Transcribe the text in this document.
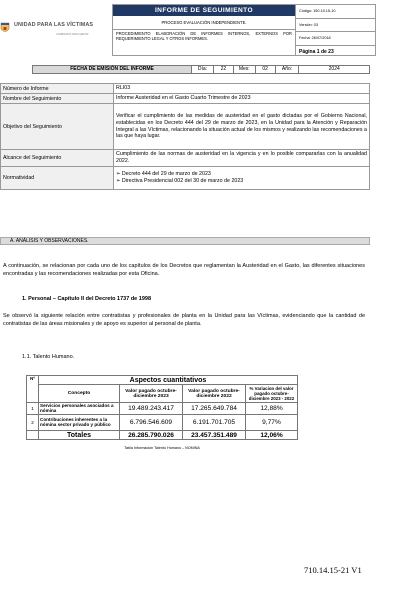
UNIDAD PARA LAS VÍCTIMAS
CAMBIAMOS PARA SERVIR
INFORME DE SEGUIMIENTO
PROCESO EVALUACIÓN INDEPENDIENTE.
PROCEDIMIENTO ELABORACIÓN DE INFORMES INTERNOS, EXTERNOS POR REQUERIMIENTO LEGAL Y OTROS INFORMES.
Código: 150.19.15-10
Versión: 03
Fecha: 26/07/2018
Página 1 de 23
FECHA DE EMISIÓN DEL INFORME	Día:	22	Mes:	02	Año:	2024
Número de Informe	RLI03
Nombre del Seguimiento	Informe Austeridad en el Gasto Cuarto Trimestre de 2023
Objetivo del Seguimiento	Verificar el cumplimiento de las medidas de austeridad en el gasto dictadas por el Gobierno Nacional, establecidas en los Decreto 444 del 29 de marzo de 2023, en la Unidad para la Atención y Reparación Integral a las Víctimas, relacionando la situación actual de los mismos y realizando las recomendaciones a las que haya lugar.
Alcance del Seguimiento	Cumplimiento de las normas de austeridad en la vigencia y en lo posible compararlas con la anualidad 2022.
Normatividad	➢ Decreto 444 del 29 de marzo de 2023
➢ Directiva Presidencial 002 del 30 de marzo de 2023
A. ANÁLISIS Y OBSERVACIONES.
A continuación, se relacionan por cada uno de los capítulos de los Decretos que reglamentan la Austeridad en el Gasto, las diferentes situaciones encontradas y las recomendaciones realizadas por esta Oficina.
1. Personal – Capítulo II del Decreto 1737 de 1998
Se observó la siguiente relación entre contratistas y profesionales de planta en la Unidad para las Víctimas, evidenciando que la cantidad de contratistas de las áreas misionales y de apoyo es superior al personal de planta.
1.1. Talento Humano.
Nº	Aspectos cuantitativos			
	Concepto	Valor pagado octubre-diciembre 2023	Valor pagado octubre-diciembre 2022	% Variacion del valor pagado octubre-diciembre 2023 - 2022
1	Servicios personales asociados a nómina	19.489.243.417	17.265.649.784	12,88%
2	Contribuciones inherentes a la nómina sector privado y público	6.796.546.609	6.191.701.705	9,77%
	Totales	26.285.790.026	23.457.351.489	12,06%
Tabla Información Talento Humano – NOMINA
710.14.15-21 V1
